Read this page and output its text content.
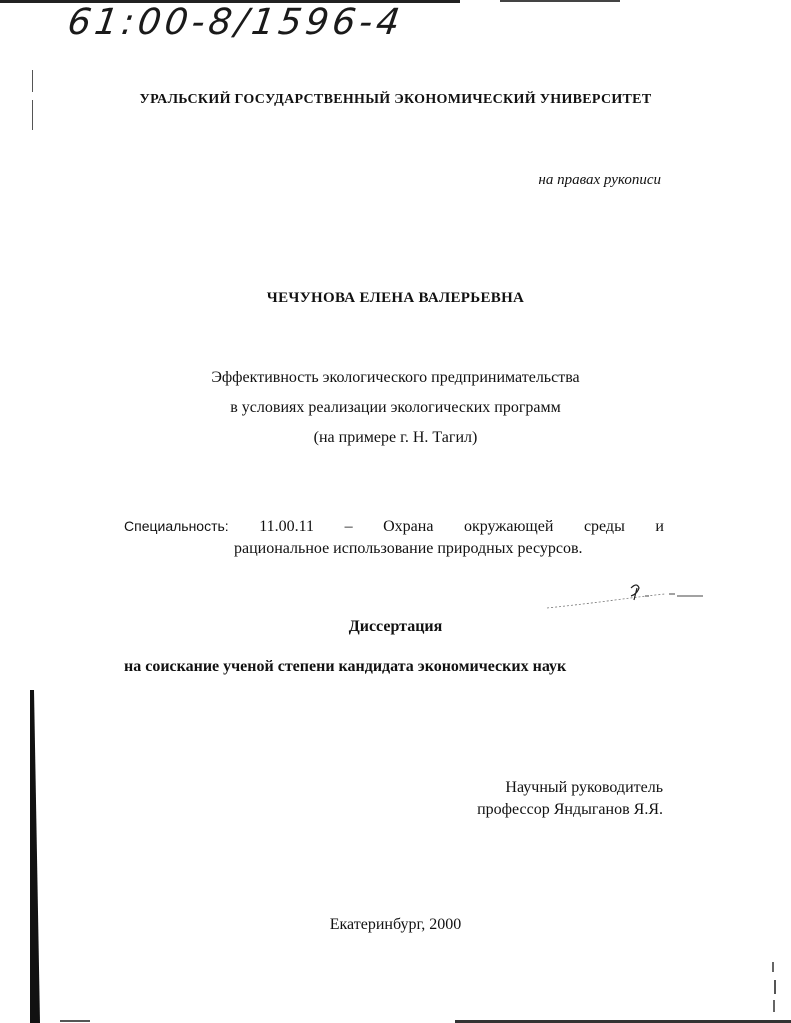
61:00-8/1596-4
УРАЛЬСКИЙ ГОСУДАРСТВЕННЫЙ ЭКОНОМИЧЕСКИЙ УНИВЕРСИТЕТ
на правах рукописи
ЧЕЧУНОВА ЕЛЕНА ВАЛЕРЬЕВНА
Эффективность экологического предпринимательства
в условиях реализации экологических программ
(на примере г. Н. Тагил)
Специальность: 11.00.11 – Охрана окружающей среды и
рациональное использование природных ресурсов.
Диссертация
на соискание ученой степени кандидата экономических наук
Научный руководитель
профессор Яндыганов Я.Я.
Екатеринбург, 2000
